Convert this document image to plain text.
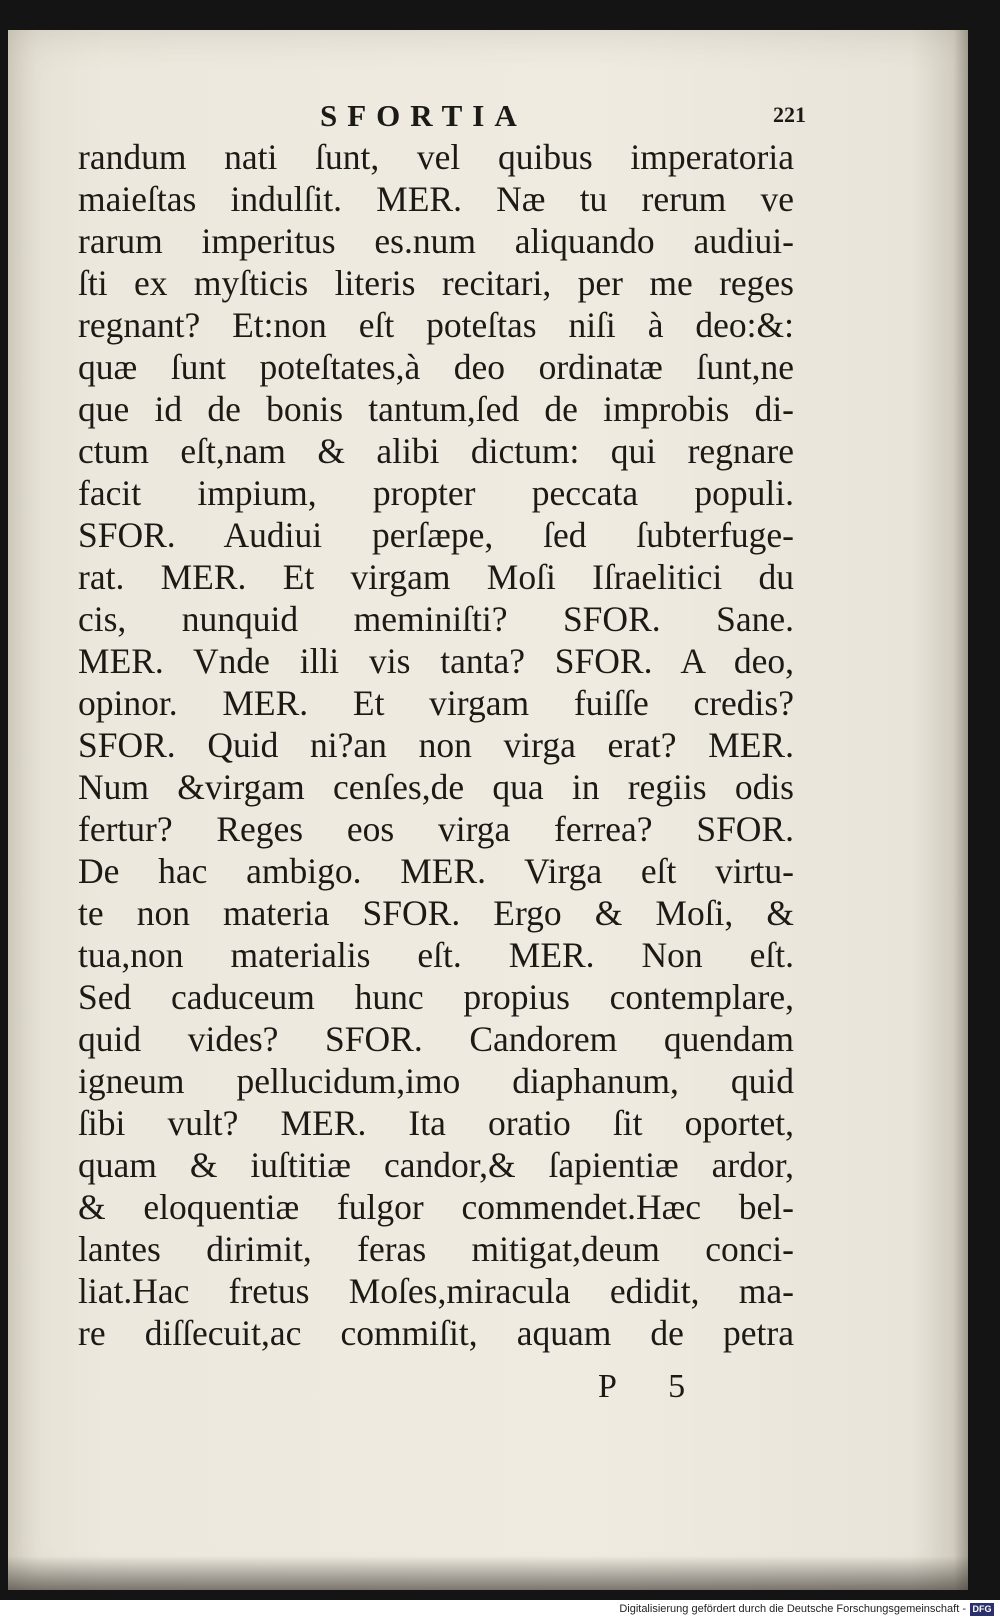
SFORTIA	221
randum nati ſunt, vel quibus imperatoria
maieſtas indulſit. MER. Næ tu rerum ve
rarum imperitus es.num aliquando audiui-
ſti ex myſticis literis recitari, per me reges
regnant? Et:non eſt poteſtas niſi à deo:&:
quæ ſunt poteſtates,à deo ordinatæ ſunt,ne
que id de bonis tantum,ſed de improbis di-
ctum eſt,nam & alibi dictum: qui regnare
facit impium, propter peccata populi.
SFOR. Audiui perſæpe, ſed ſubterfuge-
rat. MER. Et virgam Moſi Iſraelitici du
cis, nunquid meminiſti? SFOR. Sane.
MER. Vnde illi vis tanta? SFOR. A deo,
opinor. MER. Et virgam fuiſſe credis?
SFOR. Quid ni?an non virga erat? MER.
Num &virgam cenſes,de qua in regiis odis
fertur? Reges eos virga ferrea? SFOR.
De hac ambigo. MER. Virga eſt virtu-
te non materia SFOR. Ergo & Moſi, &
tua,non materialis eſt. MER. Non eſt.
Sed caduceum hunc propius contemplare,
quid vides? SFOR. Candorem quendam
igneum pellucidum,imo diaphanum, quid
ſibi vult? MER. Ita oratio ſit oportet,
quam & iuſtitiæ candor,& ſapientiæ ardor,
& eloquentiæ fulgor commendet.Hæc bel-
lantes dirimit, feras mitigat,deum conci-
liat.Hac fretus Moſes,miracula edidit, ma-
re diſſecuit,ac commiſit, aquam de petra
P 5
Digitalisierung gefördert durch die Deutsche Forschungsgemeinschaft - DFG
